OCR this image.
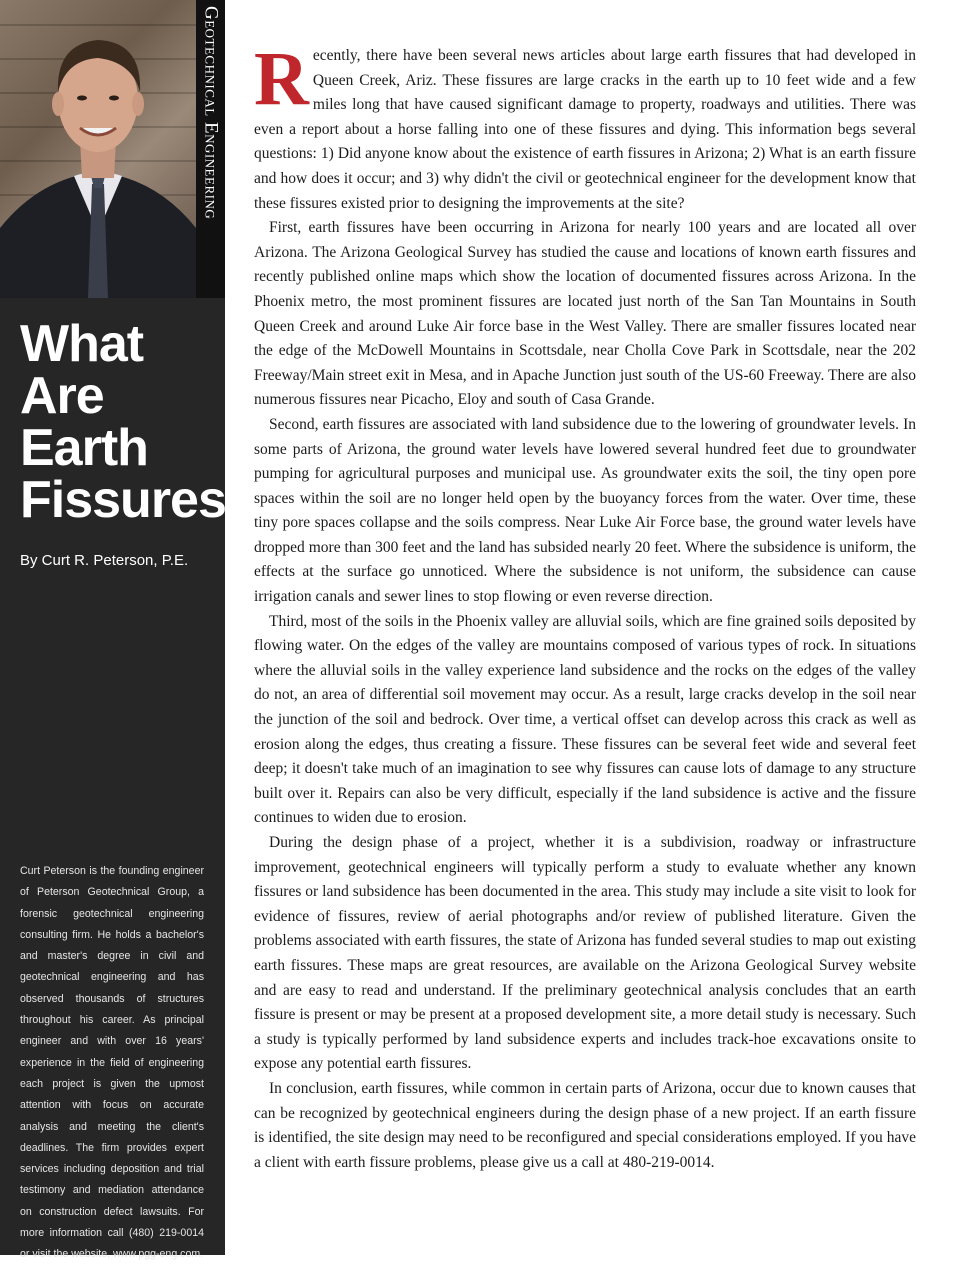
Geotechnical Engineering
What
Are
Earth
Fissures?
By Curt R. Peterson, P.E.

Curt Peterson is the founding engineer of Peterson Geotechnical Group, a forensic geotechnical engineering consulting firm. He holds a bachelor's and master's degree in civil and geotechnical engineering and has observed thousands of structures throughout his career. As principal engineer and with over 16 years' experience in the field of engineering each project is given the upmost attention with focus on accurate analysis and meeting the client's deadlines. The firm provides expert services including deposition and trial testimony and mediation attendance on construction defect lawsuits. For more information call (480) 219-0014 or visit the website, www.pgg-eng.com.

Recently, there have been several news articles about large earth fissures that had developed in Queen Creek, Ariz. These fissures are large cracks in the earth up to 10 feet wide and a few miles long that have caused significant damage to property, roadways and utilities. There was even a report about a horse falling into one of these fissures and dying. This information begs several questions: 1) Did anyone know about the existence of earth fissures in Arizona; 2) What is an earth fissure and how does it occur; and 3) why didn't the civil or geotechnical engineer for the development know that these fissures existed prior to designing the improvements at the site?

First, earth fissures have been occurring in Arizona for nearly 100 years and are located all over Arizona. The Arizona Geological Survey has studied the cause and locations of known earth fissures and recently published online maps which show the location of documented fissures across Arizona. In the Phoenix metro, the most prominent fissures are located just north of the San Tan Mountains in South Queen Creek and around Luke Air force base in the West Valley. There are smaller fissures located near the edge of the McDowell Mountains in Scottsdale, near Cholla Cove Park in Scottsdale, near the 202 Freeway/Main street exit in Mesa, and in Apache Junction just south of the US-60 Freeway. There are also numerous fissures near Picacho, Eloy and south of Casa Grande.

Second, earth fissures are associated with land subsidence due to the lowering of groundwater levels. In some parts of Arizona, the ground water levels have lowered several hundred feet due to groundwater pumping for agricultural purposes and municipal use. As groundwater exits the soil, the tiny open pore spaces within the soil are no longer held open by the buoyancy forces from the water. Over time, these tiny pore spaces collapse and the soils compress. Near Luke Air Force base, the ground water levels have dropped more than 300 feet and the land has subsided nearly 20 feet. Where the subsidence is uniform, the effects at the surface go unnoticed. Where the subsidence is not uniform, the subsidence can cause irrigation canals and sewer lines to stop flowing or even reverse direction.

Third, most of the soils in the Phoenix valley are alluvial soils, which are fine grained soils deposited by flowing water. On the edges of the valley are mountains composed of various types of rock. In situations where the alluvial soils in the valley experience land subsidence and the rocks on the edges of the valley do not, an area of differential soil movement may occur. As a result, large cracks develop in the soil near the junction of the soil and bedrock. Over time, a vertical offset can develop across this crack as well as erosion along the edges, thus creating a fissure. These fissures can be several feet wide and several feet deep; it doesn't take much of an imagination to see why fissures can cause lots of damage to any structure built over it. Repairs can also be very difficult, especially if the land subsidence is active and the fissure continues to widen due to erosion.

During the design phase of a project, whether it is a subdivision, roadway or infrastructure improvement, geotechnical engineers will typically perform a study to evaluate whether any known fissures or land subsidence has been documented in the area. This study may include a site visit to look for evidence of fissures, review of aerial photographs and/or review of published literature. Given the problems associated with earth fissures, the state of Arizona has funded several studies to map out existing earth fissures. These maps are great resources, are available on the Arizona Geological Survey website and are easy to read and understand. If the preliminary geotechnical analysis concludes that an earth fissure is present or may be present at a proposed development site, a more detail study is necessary. Such a study is typically performed by land subsidence experts and includes track-hoe excavations onsite to expose any potential earth fissures.

In conclusion, earth fissures, while common in certain parts of Arizona, occur due to known causes that can be recognized by geotechnical engineers during the design phase of a new project. If an earth fissure is identified, the site design may need to be reconfigured and special considerations employed. If you have a client with earth fissure problems, please give us a call at 480-219-0014.
